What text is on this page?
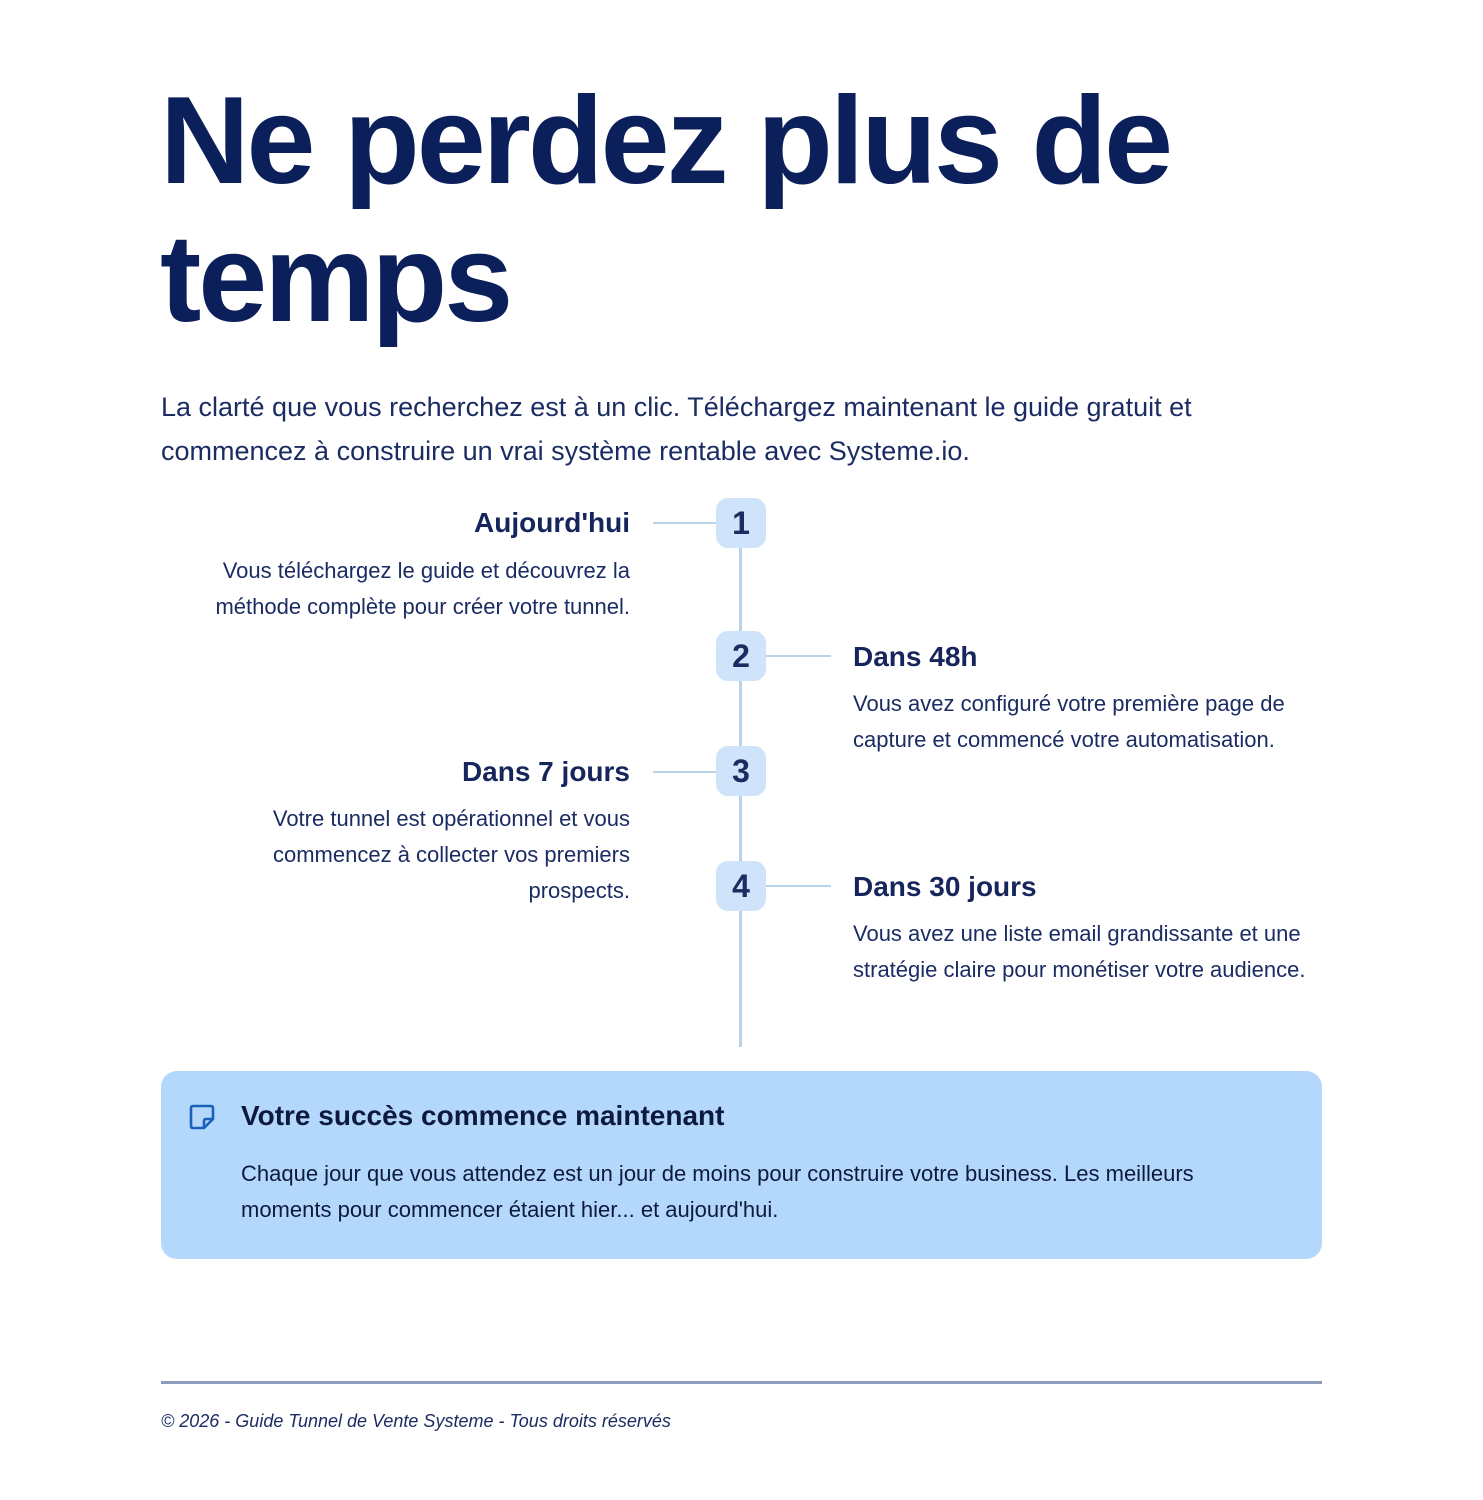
Ne perdez plus de temps

La clarté que vous recherchez est à un clic. Téléchargez maintenant le guide gratuit et commencez à construire un vrai système rentable avec Systeme.io.

1
Aujourd'hui
Vous téléchargez le guide et découvrez la méthode complète pour créer votre tunnel.
2	Dans 48h
Vous avez configuré votre première page de capture et commencé votre automatisation.
3
Dans 7 jours
Votre tunnel est opérationnel et vous commencez à collecter vos premiers prospects.	4	Dans 30 jours
Vous avez une liste email grandissante et une stratégie claire pour monétiser votre audience.
Votre succès commence maintenant

Chaque jour que vous attendez est un jour de moins pour construire votre business. Les meilleurs moments pour commencer étaient hier... et aujourd'hui.

© 2026 - Guide Tunnel de Vente Systeme - Tous droits réservés
